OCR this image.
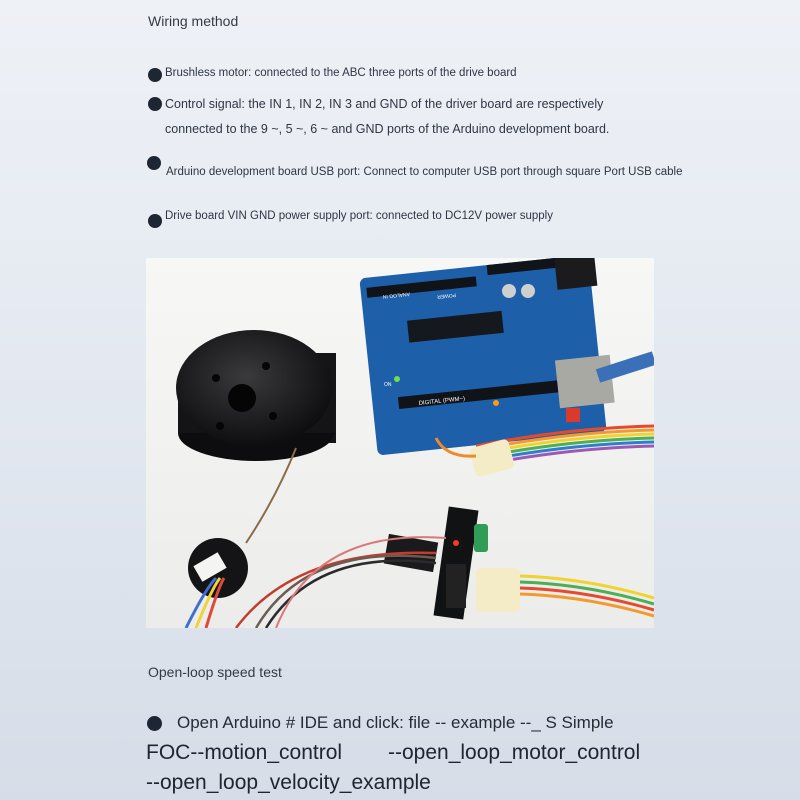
Wiring method
Brushless motor: connected to the ABC three ports of the drive board
Control signal: the IN 1, IN 2, IN 3 and GND of the driver board are respectively
connected to the 9 ~, 5 ~, 6 ~ and GND ports of the Arduino development board.
Arduino development board USB port: Connect to computer USB port through square Port USB cable
Drive board VIN GND power supply port: connected to DC12V power supply
DIGITAL (PWM~)
ON
ANALOG IN	POWER
Open-loop speed test
Open Arduino # IDE and click: file -- example --_ S Simple
FOC--motion_control --open_loop_motor_control
--open_loop_velocity_example
